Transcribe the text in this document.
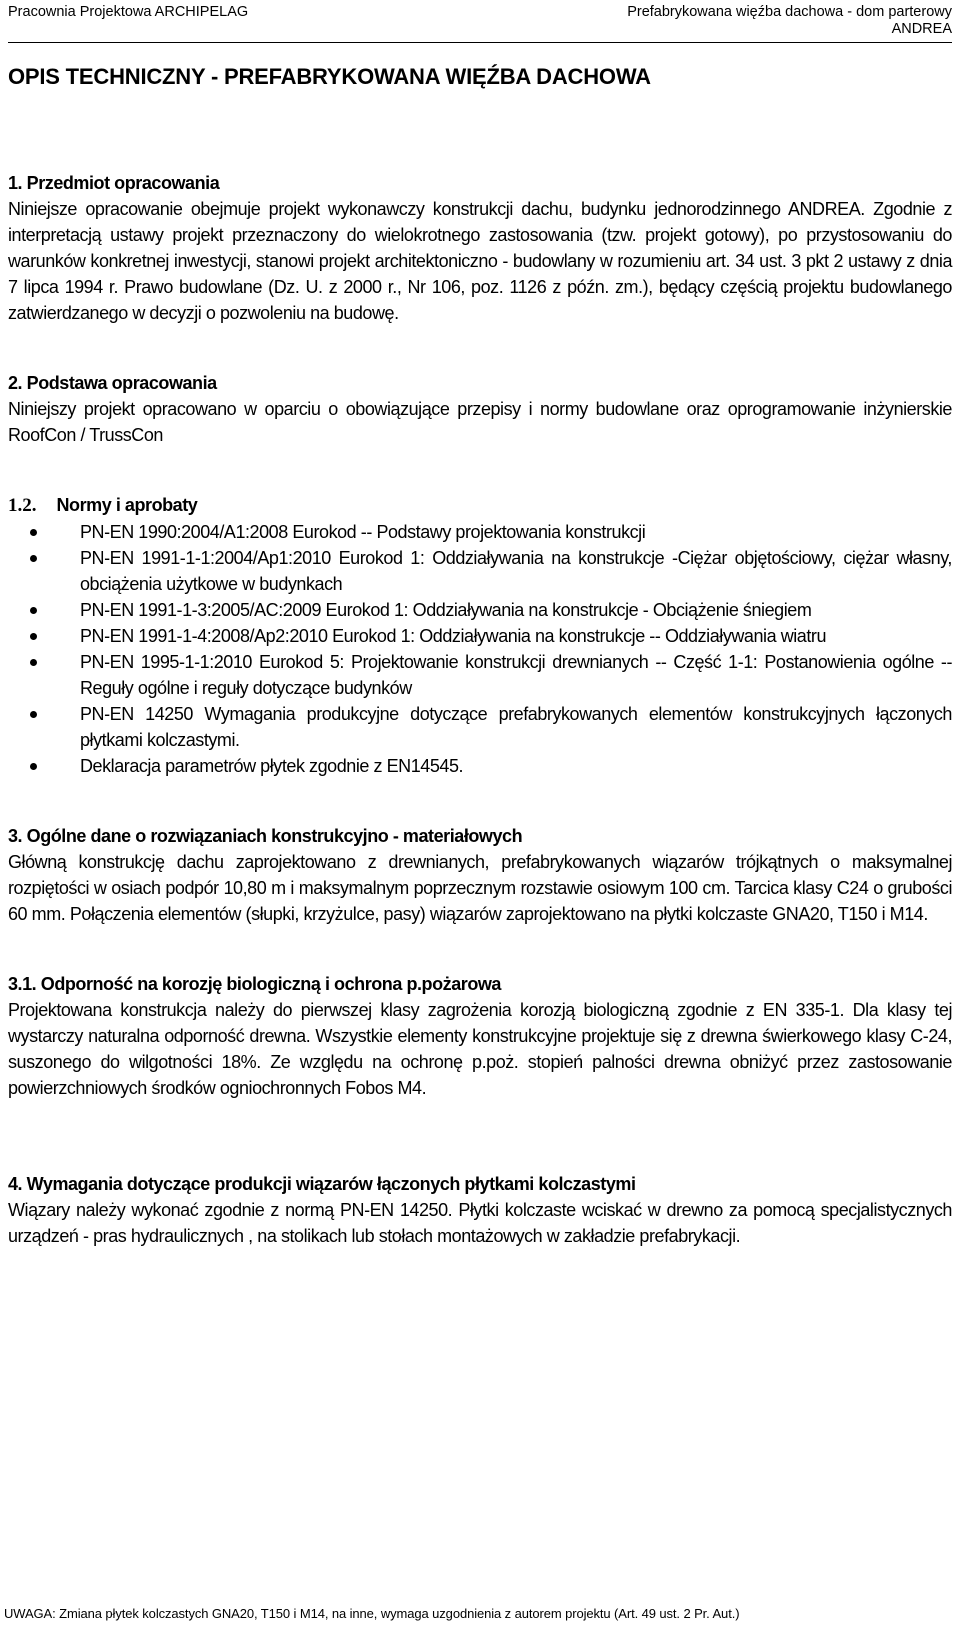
Pracownia Projektowa ARCHIPELAG	Prefabrykowana więźba dachowa - dom parterowy
ANDREA
OPIS TECHNICZNY - PREFABRYKOWANA WIĘŹBA DACHOWA
1. Przedmiot opracowania

Niniejsze opracowanie obejmuje projekt wykonawczy konstrukcji dachu, budynku jednorodzinnego ANDREA. Zgodnie z interpretacją ustawy projekt przeznaczony do wielokrotnego zastosowania (tzw. projekt gotowy), po przystosowaniu do warunków konkretnej inwestycji, stanowi projekt architektoniczno - budowlany w rozumieniu art. 34 ust. 3 pkt 2 ustawy z dnia 7 lipca 1994 r. Prawo budowlane (Dz. U. z 2000 r., Nr 106, poz. 1126 z późn. zm.), będący częścią projektu budowlanego zatwierdzanego w decyzji o pozwoleniu na budowę.

2. Podstawa opracowania

Niniejszy projekt opracowano w oparciu o obowiązujące przepisy i normy budowlane oraz oprogramowanie inżynierskie RoofCon / TrussCon

1.2. Normy i aprobaty
PN-EN 1990:2004/A1:2008 Eurokod -- Podstawy projektowania konstrukcji
PN-EN 1991-1-1:2004/Ap1:2010 Eurokod 1: Oddziaływania na konstrukcje -Ciężar objętościowy, ciężar własny, obciążenia użytkowe w budynkach
PN-EN 1991-1-3:2005/AC:2009 Eurokod 1: Oddziaływania na konstrukcje - Obciążenie śniegiem
PN-EN 1991-1-4:2008/Ap2:2010 Eurokod 1: Oddziaływania na konstrukcje -- Oddziaływania wiatru
PN-EN 1995-1-1:2010 Eurokod 5: Projektowanie konstrukcji drewnianych -- Część 1-1: Postanowienia ogólne -- Reguły ogólne i reguły dotyczące budynków
PN-EN 14250 Wymagania produkcyjne dotyczące prefabrykowanych elementów konstrukcyjnych łączonych płytkami kolczastymi.
Deklaracja parametrów płytek zgodnie z EN14545.
3. Ogólne dane o rozwiązaniach konstrukcyjno - materiałowych

Główną konstrukcję dachu zaprojektowano z drewnianych, prefabrykowanych wiązarów trójkątnych o maksymalnej rozpiętości w osiach podpór 10,80 m i maksymalnym poprzecznym rozstawie osiowym 100 cm. Tarcica klasy C24 o grubości 60 mm. Połączenia elementów (słupki, krzyżulce, pasy) wiązarów zaprojektowano na płytki kolczaste GNA20, T150 i M14.

3.1. Odporność na korozję biologiczną i ochrona p.pożarowa

Projektowana konstrukcja należy do pierwszej klasy zagrożenia korozją biologiczną zgodnie z EN 335-1. Dla klasy tej wystarczy naturalna odporność drewna. Wszystkie elementy konstrukcyjne projektuje się z drewna świerkowego klasy C-24, suszonego do wilgotności 18%. Ze względu na ochronę p.poż. stopień palności drewna obniżyć przez zastosowanie powierzchniowych środków ogniochronnych Fobos M4.

4. Wymagania dotyczące produkcji wiązarów łączonych płytkami kolczastymi

Wiązary należy wykonać zgodnie z normą PN-EN 14250. Płytki kolczaste wciskać w drewno za pomocą specjalistycznych urządzeń - pras hydraulicznych , na stolikach lub stołach montażowych w zakładzie prefabrykacji.

UWAGA: Zmiana płytek kolczastych GNA20, T150 i M14, na inne, wymaga uzgodnienia z autorem projektu (Art. 49 ust. 2 Pr. Aut.)
